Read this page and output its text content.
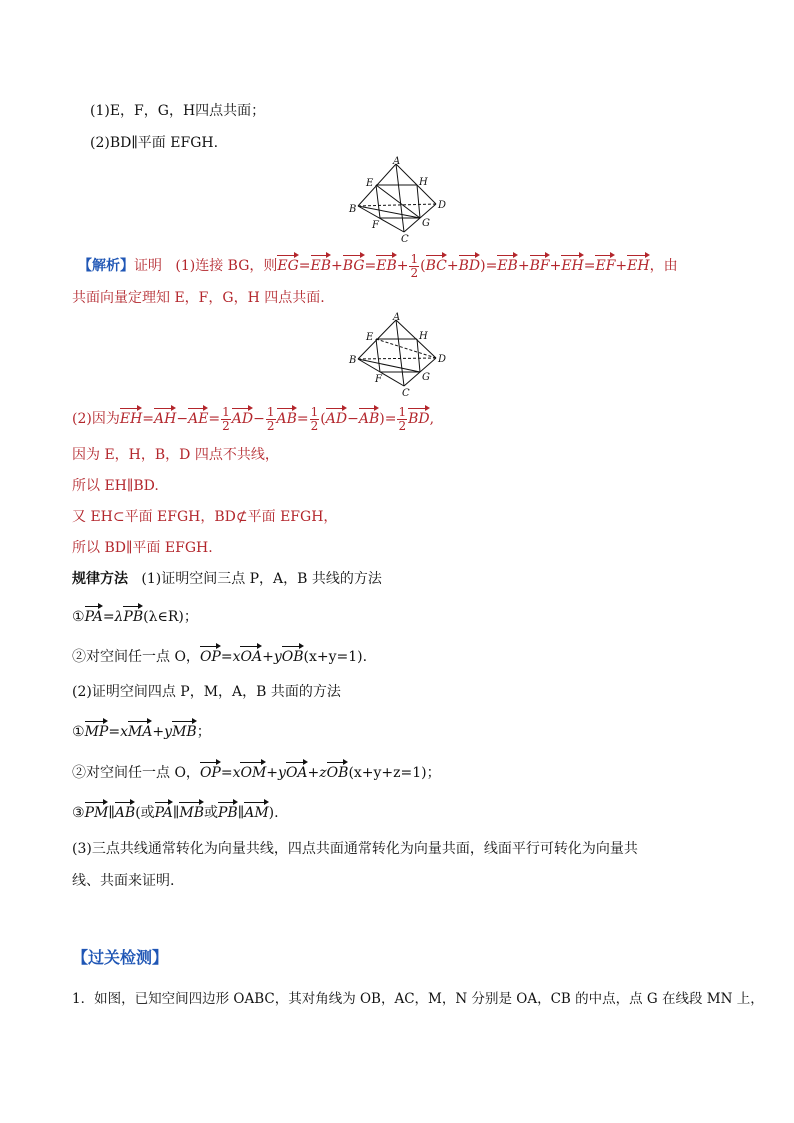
(1)E，F，G，H四点共面；
(2)BD∥平面 EFGH.
A
E	H
B	D
F	G
C
【解析】证明 (1)连接 BG，则$EG=EB+BG=EB+ \frac{1}{2} (BC+BD)=EB+BF+EH=EF+EH$，由
共面向量定理知 E，F，G，H 四点共面.
A
E	H
B	D
F	G
C
(2)因为$EH=AH-AE= \frac{1}{2} AD- \frac{1}{2} AB= \frac{1}{2} (AD-AB)= \frac{1}{2}$ BD,
因为 E，H，B，D 四点不共线，
所以 EH∥BD.
又 EH⊂平面 EFGH，BD⊄平面 EFGH，
所以 BD∥平面 EFGH.
规律方法 (1)证明空间三点 P，A，B 共线的方法
①PA=λPB(λ∈R)；
②对空间任一点 O，OP=xOA+yOB(x+y=1).
(2)证明空间四点 P，M，A，B 共面的方法
①MP=xMA+yMB；
②对空间任一点 O，OP=xOM+yOA+zOB(x+y+z=1)；
③PM∥AB(或PA∥MB或PB∥AM).
(3)三点共线通常转化为向量共线，四点共面通常转化为向量共面，线面平行可转化为向量共
线、共面来证明.
【过关检测】
1．如图，已知空间四边形 OABC，其对角线为 OB，AC，M，N 分别是 OA，CB 的中点，点 G 在线段 MN 上，
